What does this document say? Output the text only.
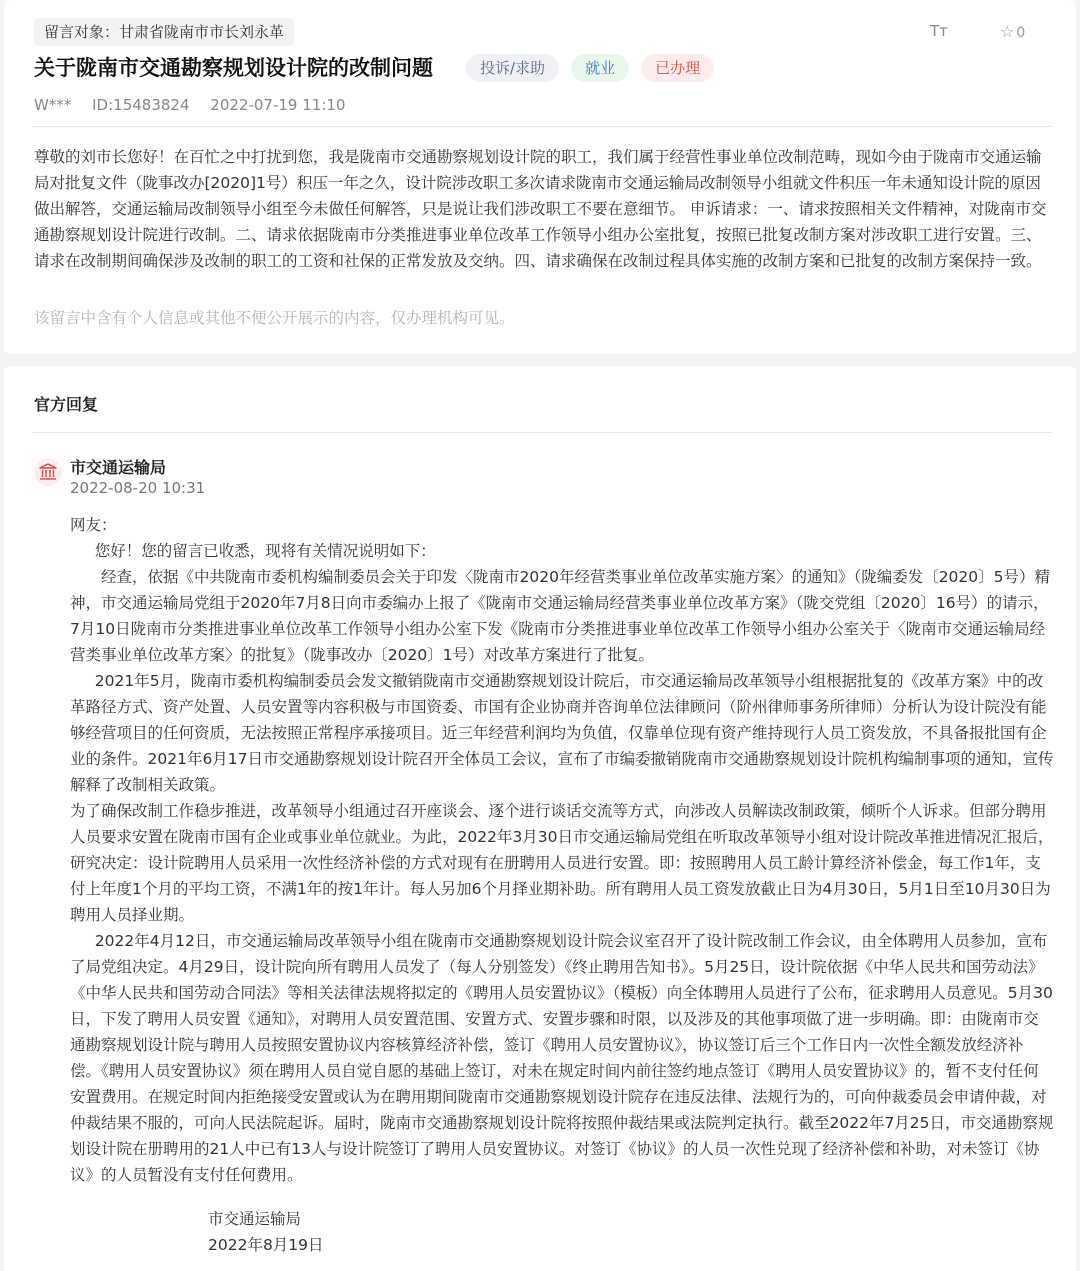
留言对象：甘肃省陇南市市长刘永革	Tт	☆ 0
关于陇南市交通勘察规划设计院的改制问题	投诉/求助	就业	已办理
W*** ID:15483824 2022-07-19 11:10
尊敬的刘市长您好！在百忙之中打扰到您，我是陇南市交通勘察规划设计院的职工，我们属于经营性事业单位改制范畴，现如今由于陇南市交通运输局对批复文件（陇事改办[2020]1号）积压一年之久，设计院涉改职工多次请求陇南市交通运输局改制领导小组就文件积压一年未通知设计院的原因做出解答，交通运输局改制领导小组至今未做任何解答，只是说让我们涉改职工不要在意细节。 申诉请求：一、请求按照相关文件精神，对陇南市交通勘察规划设计院进行改制。二、请求依据陇南市分类推进事业单位改革工作领导小组办公室批复，按照已批复改制方案对涉改职工进行安置。三、请求在改制期间确保涉及改制的职工的工资和社保的正常发放及交纳。四、请求确保在改制过程具体实施的改制方案和已批复的改制方案保持一致。
该留言中含有个人信息或其他不便公开展示的内容，仅办理机构可见。
官方回复
市交通运输局
2022-08-20 10:31

网友：

您好！您的留言已收悉，现将有关情况说明如下：

经查，依据《中共陇南市委机构编制委员会关于印发〈陇南市2020年经营类事业单位改革实施方案〉的通知》（陇编委发〔2020〕5号）精神，市交通运输局党组于2020年7月8日向市委编办上报了《陇南市交通运输局经营类事业单位改革方案》（陇交党组〔2020〕16号）的请示，7月10日陇南市分类推进事业单位改革工作领导小组办公室下发《陇南市分类推进事业单位改革工作领导小组办公室关于〈陇南市交通运输局经营类事业单位改革方案〉的批复》（陇事改办〔2020〕1号）对改革方案进行了批复。

2021年5月，陇南市委机构编制委员会发文撤销陇南市交通勘察规划设计院后，市交通运输局改革领导小组根据批复的《改革方案》中的改革路径方式、资产处置、人员安置等内容积极与市国资委、市国有企业协商并咨询单位法律顾问（阶州律师事务所律师）分析认为设计院没有能够经营项目的任何资质，无法按照正常程序承接项目。近三年经营利润均为负值，仅靠单位现有资产维持现行人员工资发放，不具备报批国有企业的条件。2021年6月17日市交通勘察规划设计院召开全体员工会议，宣布了市编委撤销陇南市交通勘察规划设计院机构编制事项的通知，宣传解释了改制相关政策。

为了确保改制工作稳步推进，改革领导小组通过召开座谈会、逐个进行谈话交流等方式，向涉改人员解读改制政策，倾听个人诉求。但部分聘用人员要求安置在陇南市国有企业或事业单位就业。为此，2022年3月30日市交通运输局党组在听取改革领导小组对设计院改革推进情况汇报后，研究决定：设计院聘用人员采用一次性经济补偿的方式对现有在册聘用人员进行安置。即：按照聘用人员工龄计算经济补偿金，每工作1年，支付上年度1个月的平均工资，不满1年的按1年计。每人另加6个月择业期补助。所有聘用人员工资发放截止日为4月30日，5月1日至10月30日为聘用人员择业期。

2022年4月12日，市交通运输局改革领导小组在陇南市交通勘察规划设计院会议室召开了设计院改制工作会议，由全体聘用人员参加，宣布了局党组决定。4月29日，设计院向所有聘用人员发了（每人分别签发）《终止聘用告知书》。5月25日，设计院依据《中华人民共和国劳动法》《中华人民共和国劳动合同法》等相关法律法规将拟定的《聘用人员安置协议》（模板）向全体聘用人员进行了公布，征求聘用人员意见。5月30日，下发了聘用人员安置《通知》，对聘用人员安置范围、安置方式、安置步骤和时限，以及涉及的其他事项做了进一步明确。即：由陇南市交通勘察规划设计院与聘用人员按照安置协议内容核算经济补偿，签订《聘用人员安置协议》，协议签订后三个工作日内一次性全额发放经济补偿。《聘用人员安置协议》须在聘用人员自觉自愿的基础上签订，对未在规定时间内前往签约地点签订《聘用人员安置协议》的，暂不支付任何安置费用。在规定时间内拒绝接受安置或认为在聘用期间陇南市交通勘察规划设计院存在违反法律、法规行为的，可向仲裁委员会申请仲裁，对仲裁结果不服的，可向人民法院起诉。届时，陇南市交通勘察规划设计院将按照仲裁结果或法院判定执行。截至2022年7月25日，市交通勘察规划设计院在册聘用的21人中已有13人与设计院签订了聘用人员安置协议。对签订《协议》的人员一次性兑现了经济补偿和补助，对未签订《协议》的人员暂没有支付任何费用。

市交通运输局
2022年8月19日
